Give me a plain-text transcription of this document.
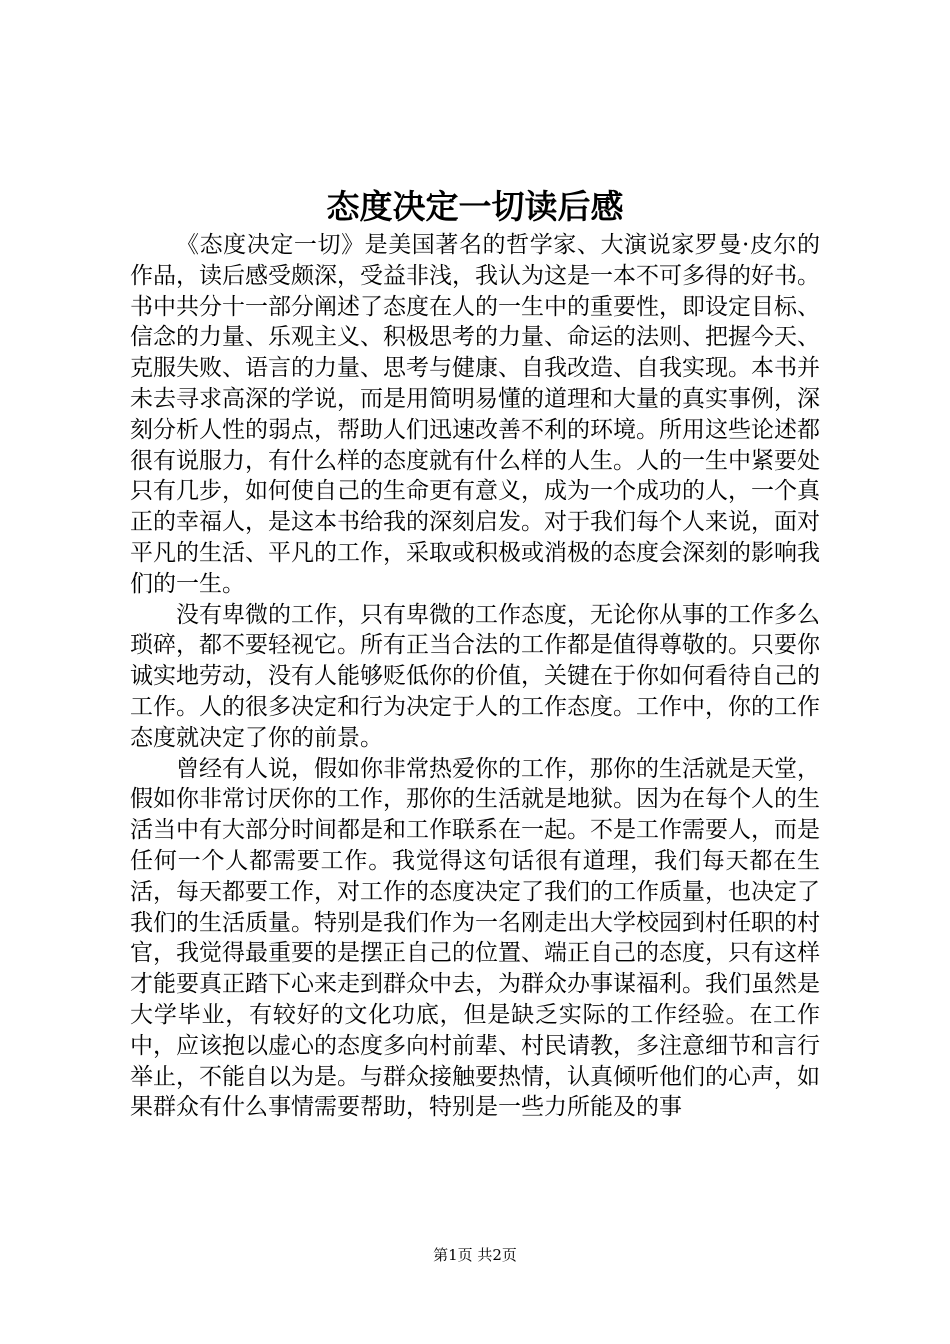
态度决定一切读后感

《态度决定一切》是美国著名的哲学家、大演说家罗曼·皮尔的作品，读后感受颇深，受益非浅，我认为这是一本不可多得的好书。书中共分十一部分阐述了态度在人的一生中的重要性，即设定目标、信念的力量、乐观主义、积极思考的力量、命运的法则、把握今天、克服失败、语言的力量、思考与健康、自我改造、自我实现。本书并未去寻求高深的学说，而是用简明易懂的道理和大量的真实事例，深刻分析人性的弱点，帮助人们迅速改善不利的环境。所用这些论述都很有说服力，有什么样的态度就有什么样的人生。人的一生中紧要处只有几步，如何使自己的生命更有意义，成为一个成功的人，一个真正的幸福人，是这本书给我的深刻启发。对于我们每个人来说，面对平凡的生活、平凡的工作，采取或积极或消极的态度会深刻的影响我们的一生。

没有卑微的工作，只有卑微的工作态度，无论你从事的工作多么琐碎，都不要轻视它。所有正当合法的工作都是值得尊敬的。只要你诚实地劳动，没有人能够贬低你的价值，关键在于你如何看待自己的工作。人的很多决定和行为决定于人的工作态度。工作中，你的工作态度就决定了你的前景。

曾经有人说，假如你非常热爱你的工作，那你的生活就是天堂，假如你非常讨厌你的工作，那你的生活就是地狱。因为在每个人的生活当中有大部分时间都是和工作联系在一起。不是工作需要人，而是任何一个人都需要工作。我觉得这句话很有道理，我们每天都在生活，每天都要工作，对工作的态度决定了我们的工作质量，也决定了我们的生活质量。特别是我们作为一名刚走出大学校园到村任职的村官，我觉得最重要的是摆正自己的位置、端正自己的态度，只有这样才能要真正踏下心来走到群众中去，为群众办事谋福利。我们虽然是大学毕业，有较好的文化功底，但是缺乏实际的工作经验。在工作中，应该抱以虚心的态度多向村前辈、村民请教，多注意细节和言行举止，不能自以为是。与群众接触要热情，认真倾听他们的心声，如果群众有什么事情需要帮助，特别是一些力所能及的事

第1页 共2页
